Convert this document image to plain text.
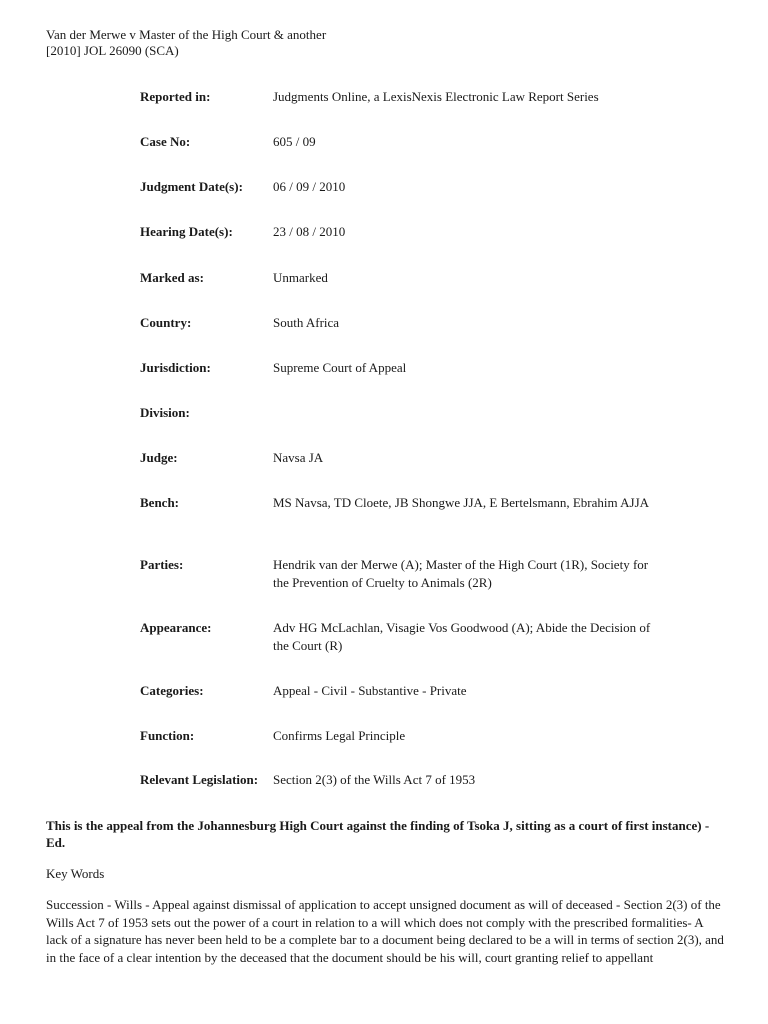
Van der Merwe v Master of the High Court & another
[2010] JOL 26090 (SCA)
Reported in:	Judgments Online, a LexisNexis Electronic Law Report Series
Case No:	605 / 09
Judgment Date(s): 06 / 09 / 2010
Hearing Date(s):	23 / 08 / 2010
Marked as:	Unmarked
Country:	South Africa
Jurisdiction:	Supreme Court of Appeal
Division:
Judge:	Navsa JA
Bench:	MS Navsa, TD Cloete, JB Shongwe JJA, E Bertelsmann, Ebrahim AJJA
Parties:	Hendrik van der Merwe (A); Master of the High Court (1R), Society for the Prevention of Cruelty to Animals (2R)
Appearance:	Adv HG McLachlan, Visagie Vos Goodwood (A); Abide the Decision of the Court (R)
Categories:	Appeal - Civil - Substantive - Private
Function:	Confirms Legal Principle
Relevant Legislation: Section 2(3) of the Wills Act 7 of 1953
This is the appeal from the Johannesburg High Court against the finding of Tsoka J, sitting as a court of first instance) - Ed.
Key Words
Succession - Wills - Appeal against dismissal of application to accept unsigned document as will of deceased - Section 2(3) of the Wills Act 7 of 1953 sets out the power of a court in relation to a will which does not comply with the prescribed formalities- A lack of a signature has never been held to be a complete bar to a document being declared to be a will in terms of section 2(3), and in the face of a clear intention by the deceased that the document should be his will, court granting relief to appellant
